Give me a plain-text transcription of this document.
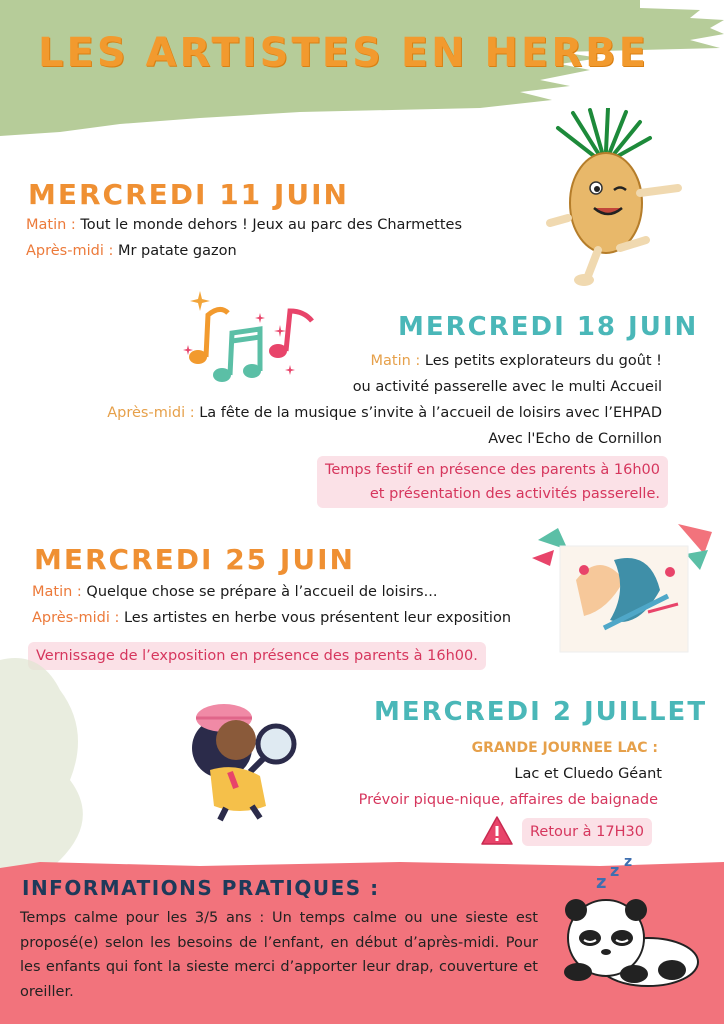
LES ARTISTES EN HERBE
MERCREDI 11 JUIN
Matin : Tout le monde dehors ! Jeux au parc des Charmettes
Après-midi : Mr patate gazon
MERCREDI 18 JUIN
Matin : Les petits explorateurs du goût !
ou activité passerelle avec le multi Accueil
Après-midi : La fête de la musique s’invite à l’accueil de loisirs avec l’EHPAD
Avec l'Echo de Cornillon
Temps festif en présence des parents à 16h00
et présentation des activités passerelle.
MERCREDI 25 JUIN
Matin : Quelque chose se prépare à l’accueil de loisirs...
Après-midi : Les artistes en herbe vous présentent leur exposition
Vernissage de l’exposition en présence des parents à 16h00.
MERCREDI 2 JUILLET
GRANDE JOURNEE LAC :
Lac et Cluedo Géant
Prévoir pique-nique, affaires de baignade
Retour à 17H30
INFORMATIONS PRATIQUES :
Temps calme pour les 3/5 ans : Un temps calme ou une sieste est proposé(e) selon les besoins de l’enfant, en début d’après-midi. Pour les enfants qui font la sieste merci d’apporter leur drap, couverture et oreiller.
z
z z
